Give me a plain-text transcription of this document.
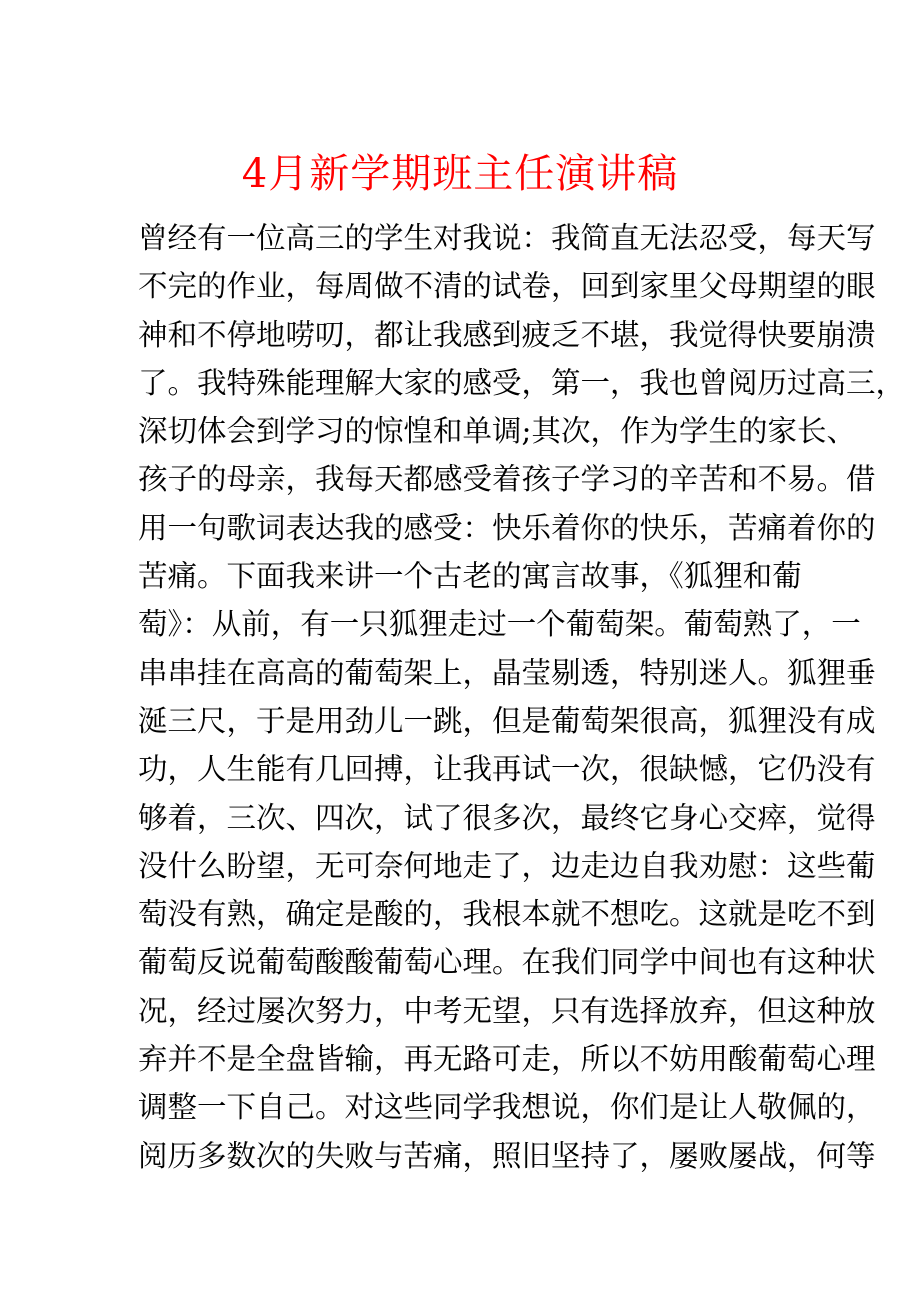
4月新学期班主任演讲稿
曾经有一位高三的学生对我说：我简直无法忍受，每天写
不完的作业，每周做不清的试卷，回到家里父母期望的眼
神和不停地唠叨，都让我感到疲乏不堪，我觉得快要崩溃
了。我特殊能理解大家的感受，第一，我也曾阅历过高三，
深切体会到学习的惊惶和单调;其次，作为学生的家长、
孩子的母亲，我每天都感受着孩子学习的辛苦和不易。借
用一句歌词表达我的感受：快乐着你的快乐，苦痛着你的
苦痛。下面我来讲一个古老的寓言故事，《狐狸和葡
萄》：从前，有一只狐狸走过一个葡萄架。葡萄熟了，一
串串挂在高高的葡萄架上，晶莹剔透，特别迷人。狐狸垂
涎三尺，于是用劲儿一跳，但是葡萄架很高，狐狸没有成
功，人生能有几回搏，让我再试一次，很缺憾，它仍没有
够着，三次、四次，试了很多次，最终它身心交瘁，觉得
没什么盼望，无可奈何地走了，边走边自我劝慰：这些葡
萄没有熟，确定是酸的，我根本就不想吃。这就是吃不到
葡萄反说葡萄酸酸葡萄心理。在我们同学中间也有这种状
况，经过屡次努力，中考无望，只有选择放弃，但这种放
弃并不是全盘皆输，再无路可走，所以不妨用酸葡萄心理
调整一下自己。对这些同学我想说，你们是让人敬佩的，
阅历多数次的失败与苦痛，照旧坚持了，屡败屡战，何等
